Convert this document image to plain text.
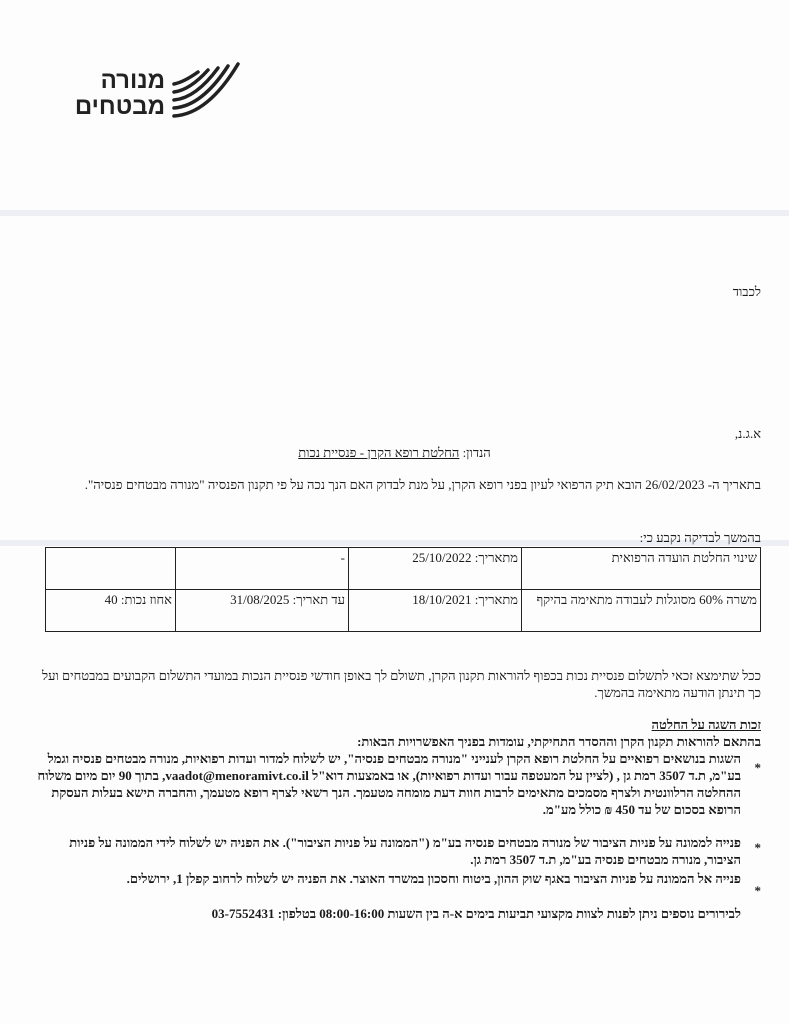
מנורה
מבטחים
לכבוד
א.ג.נ,
הנדון: החלטת רופא הקרן - פנסיית נכות
בתאריך ה- 26/02/2023 הובא תיק הרפואי לעיון בפני רופא הקרן, על מנת לבדוק האם הנך נכה על פי תקנון הפנסיה "מנורה מבטחים פנסיה".
בהמשך לבדיקה נקבע כי:
שינוי החלטת הועדה הרפואית	מתאריך: 25/10/2022	-	
משרה 60% מסוגלות לעבודה מתאימה בהיקף	מתאריך: 18/10/2021	עד תאריך: 31/08/2025	אחוז נכות: 40
ככל שתימצא זכאי לתשלום פנסיית נכות בכפוף להוראות תקנון הקרן, תשולם לך באופן חודשי פנסיית הנכות במועדי התשלום הקבועים במבטחים ועל כך תינתן הודעה מתאימה בהמשך.
זכות השגה על החלטה
בהתאם להוראות תקנון הקרן וההסדר התחיקתי, עומדות בפניך האפשרויות הבאות:
*
השגות בנושאים רפואיים על החלטת רופא הקרן לענייני "מנורה מבטחים פנסיה", יש לשלוח למדור ועדות רפואיות, מנורה מבטחים פנסיה וגמל בע"מ, ת.ד 3507 רמת גן , (לציין על המעטפה עבור ועדות רפואיות), או באמצעות דוא"ל vaadot@menoramivt.co.il, בתוך 90 יום מיום משלוח ההחלטה הרלוונטית ולצרף מסמכים מתאימים לרבות חוות דעת מומחה מטעמך. הנך רשאי לצרף רופא מטעמך, והחברה תישא בעלות העסקת הרופא בסכום של עד 450 ₪ כולל מע"מ.
*
פנייה לממונה על פניות הציבור של מנורה מבטחים פנסיה בע"מ ("הממונה על פניות הציבור"). את הפניה יש לשלוח לידי הממונה על פניות הציבור, מנורה מבטחים פנסיה בע"מ, ת.ד 3507 רמת גן.
*
פנייה אל הממונה על פניות הציבור באגף שוק ההון, ביטוח וחסכון במשרד האוצר. את הפניה יש לשלוח לרחוב קפלן 1, ירושלים.
לבירורים נוספים ניתן לפנות לצוות מקצועי תביעות בימים א-ה בין השעות 08:00-16:00 בטלפון: 03-7552431
